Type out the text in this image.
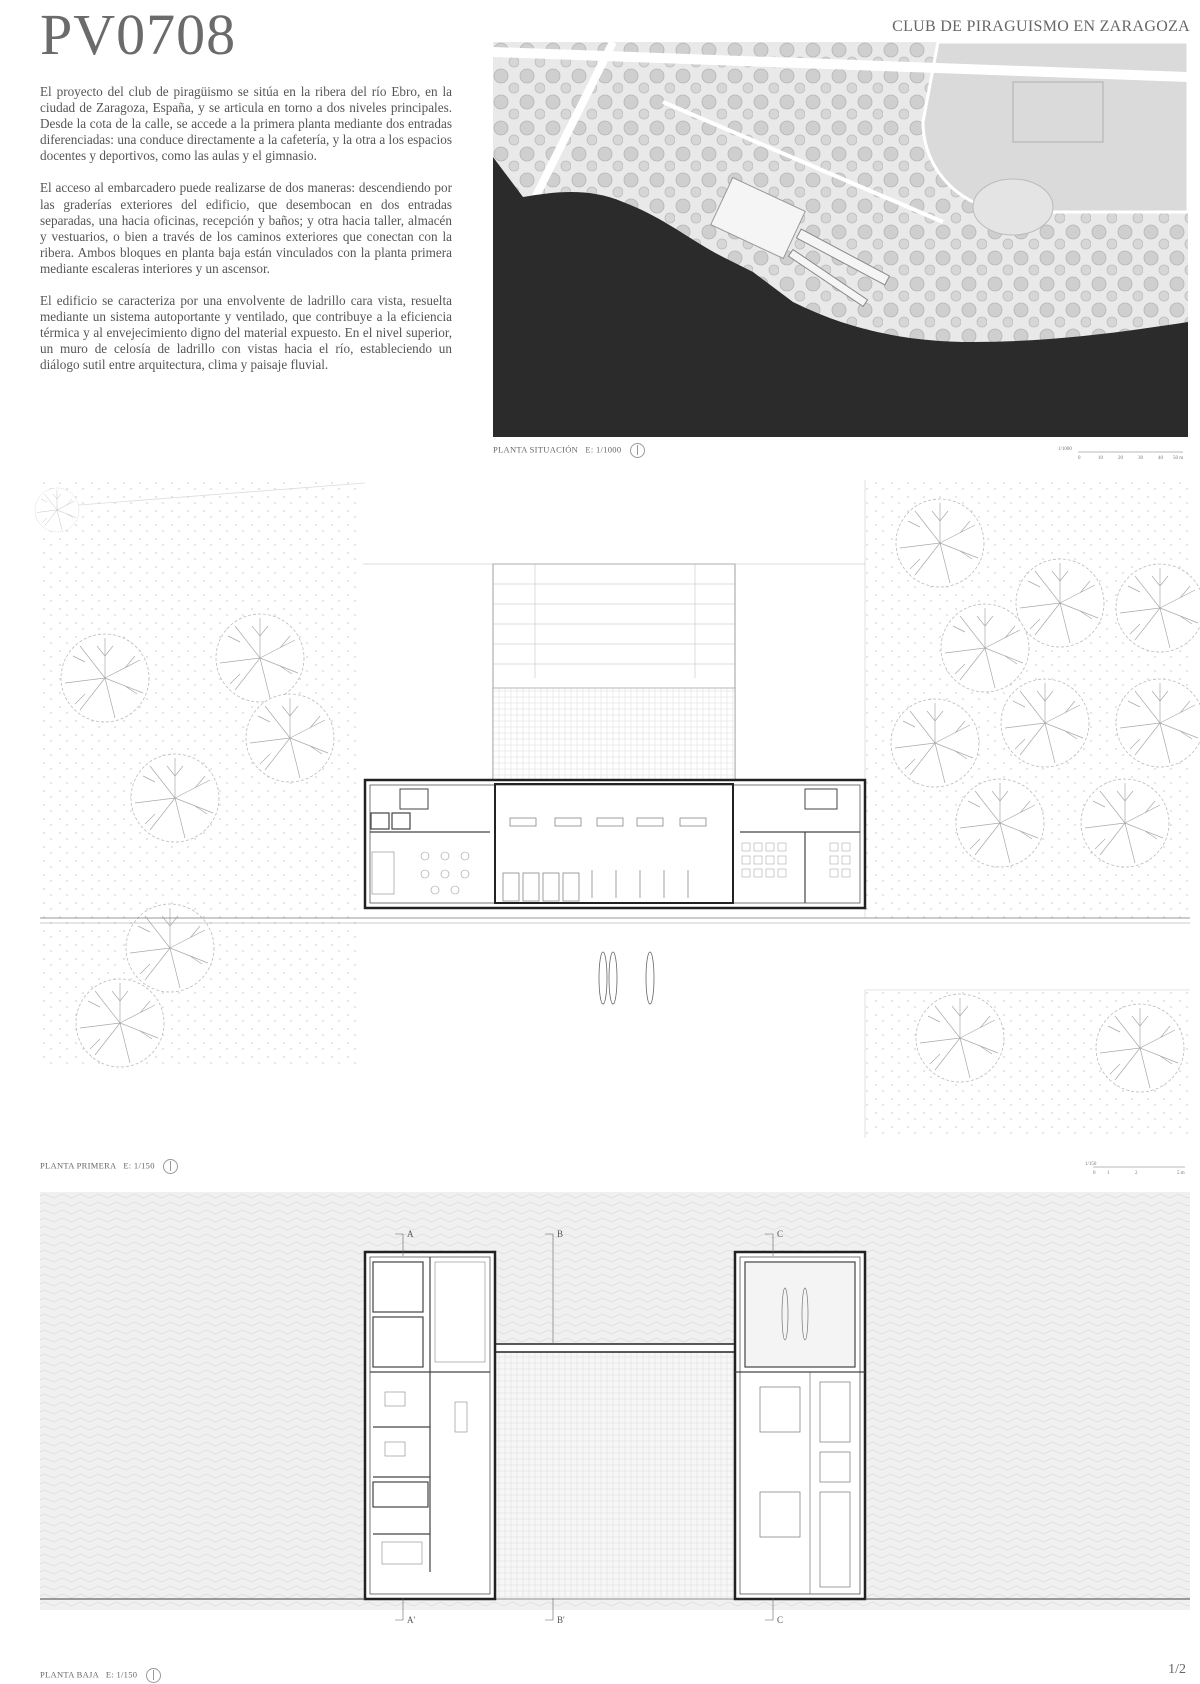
PV0708	CLUB DE PIRAGUISMO EN ZARAGOZA

El proyecto del club de piragüismo se sitúa en la ribera del río Ebro, en la ciudad de Zaragoza, España, y se articula en torno a dos niveles principales. Desde la cota de la calle, se accede a la primera planta mediante dos entradas diferenciadas: una conduce directamente a la cafetería, y la otra a los espacios docentes y deportivos, como las aulas y el gimnasio.

El acceso al embarcadero puede realizarse de dos maneras: descendiendo por las graderías exteriores del edificio, que desembocan en dos entradas separadas, una hacia oficinas, recepción y baños; y otra hacia taller, almacén y vestuarios, o bien a través de los caminos exteriores que conectan con la ribera. Ambos bloques en planta baja están vinculados con la planta primera mediante escaleras interiores y un ascensor.

El edificio se caracteriza por una envolvente de ladrillo cara vista, resuelta mediante un sistema autoportante y ventilado, que contribuye a la eficiencia térmica y al envejecimiento digno del material expuesto. En el nivel superior, un muro de celosía de ladrillo con vistas hacia el río, estableciendo un diálogo sutil entre arquitectura, clima y paisaje fluvial.

PLANTA SITUACIÓN E: 1/1000	1/1000
0	10	20	30	40 50 m
PLANTA PRIMERA E: 1/150	1/150
0 1	2	5 m
A
A'
B
B'
C
C
PLANTA BAJA E: 1/150	1/2
